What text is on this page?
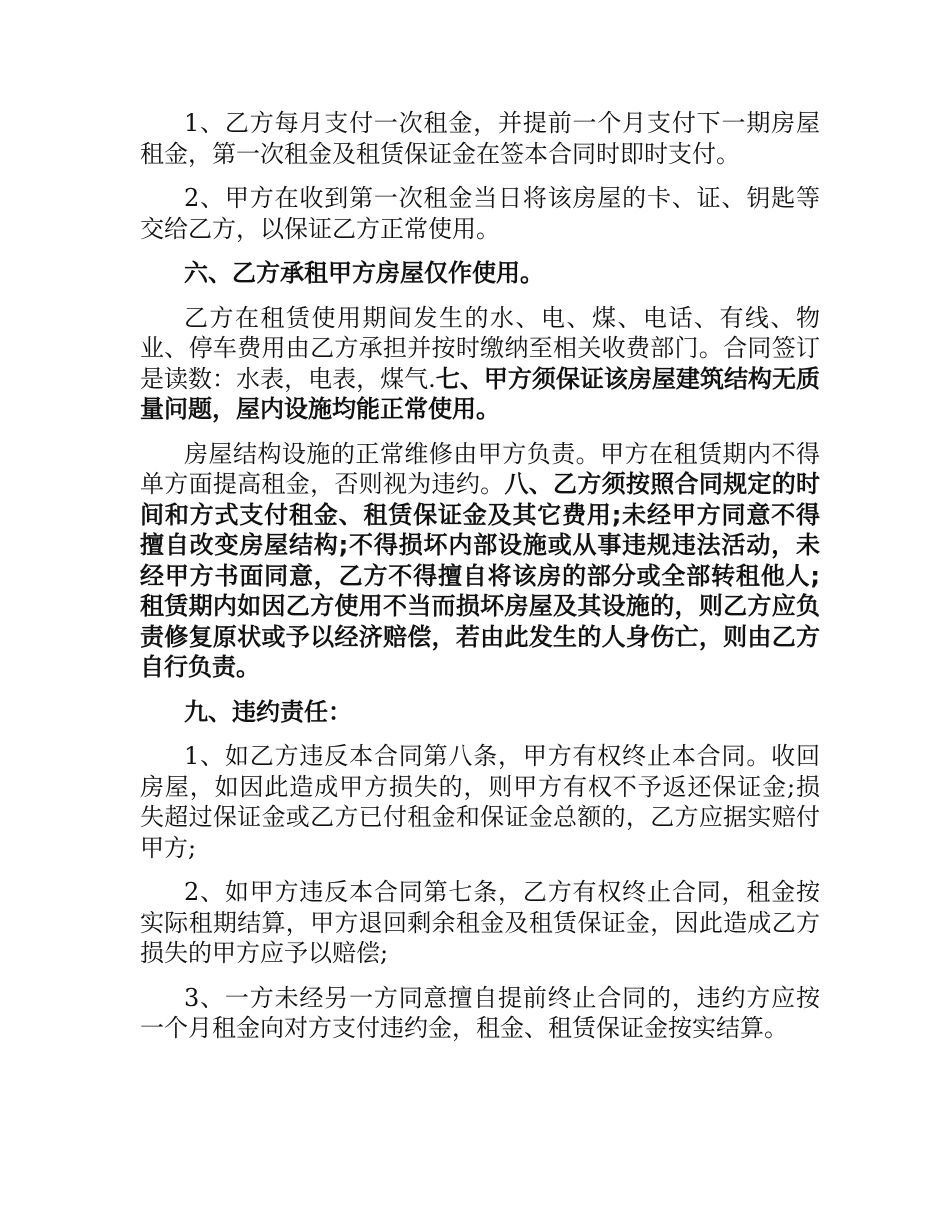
1、乙方每月支付一次租金，并提前一个月支付下一期房屋租金，第一次租金及租赁保证金在签本合同时即时支付。

2、甲方在收到第一次租金当日将该房屋的卡、证、钥匙等交给乙方，以保证乙方正常使用。

六、乙方承租甲方房屋仅作使用。

乙方在租赁使用期间发生的水、电、煤、电话、有线、物业、停车费用由乙方承担并按时缴纳至相关收费部门。合同签订是读数：水表，电表，煤气.七、甲方须保证该房屋建筑结构无质量问题，屋内设施均能正常使用。

房屋结构设施的正常维修由甲方负责。甲方在租赁期内不得单方面提高租金，否则视为违约。八、乙方须按照合同规定的时间和方式支付租金、租赁保证金及其它费用;未经甲方同意不得擅自改变房屋结构;不得损坏内部设施或从事违规违法活动，未经甲方书面同意，乙方不得擅自将该房的部分或全部转租他人;租赁期内如因乙方使用不当而损坏房屋及其设施的，则乙方应负责修复原状或予以经济赔偿，若由此发生的人身伤亡，则由乙方自行负责。

九、违约责任：

1、如乙方违反本合同第八条，甲方有权终止本合同。收回房屋，如因此造成甲方损失的，则甲方有权不予返还保证金;损失超过保证金或乙方已付租金和保证金总额的，乙方应据实赔付甲方;

2、如甲方违反本合同第七条，乙方有权终止合同，租金按实际租期结算，甲方退回剩余租金及租赁保证金，因此造成乙方损失的甲方应予以赔偿;

3、一方未经另一方同意擅自提前终止合同的，违约方应按一个月租金向对方支付违约金，租金、租赁保证金按实结算。
